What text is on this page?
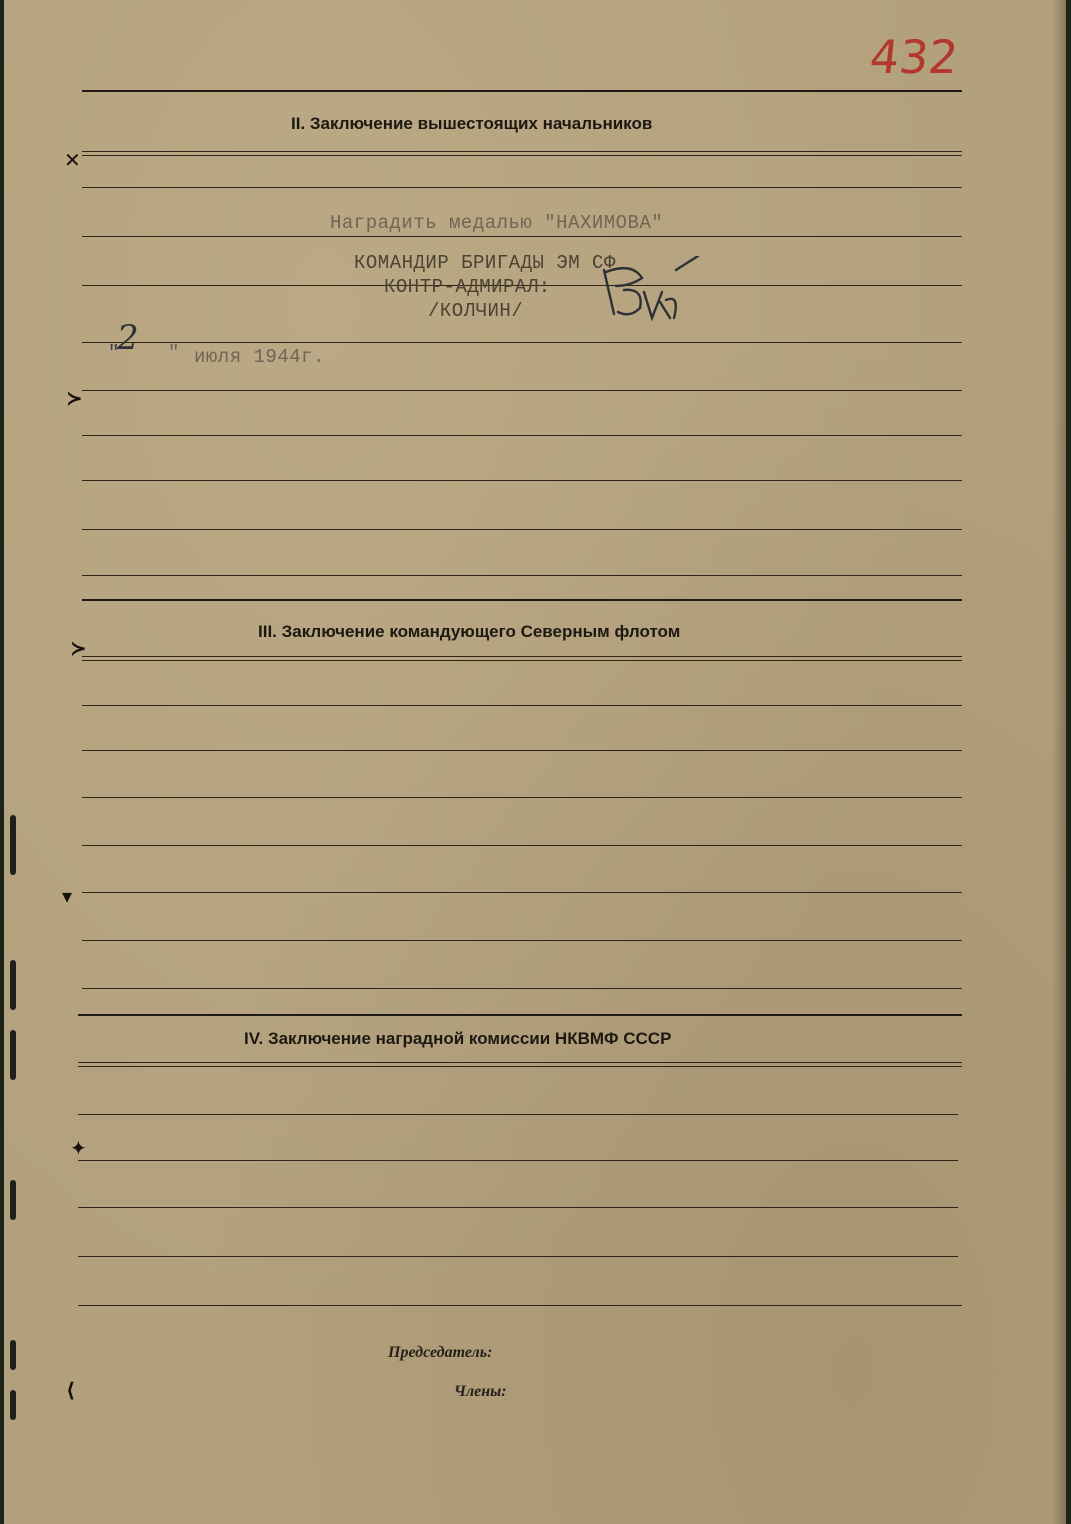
432
II. Заключение вышестоящих начальников
Наградить медалью "НАХИМОВА"
КОМАНДИР БРИГАДЫ ЭМ СФ
КОНТР-АДМИРАЛ:
/КОЛЧИН/
"
2 " июля 1944г.
III. Заключение командующего Северным флотом
IV. Заключение наградной комиссии НКВМФ СССР
Председатель:
Члены:
✕
≻
≻
▾
✦
⟨
